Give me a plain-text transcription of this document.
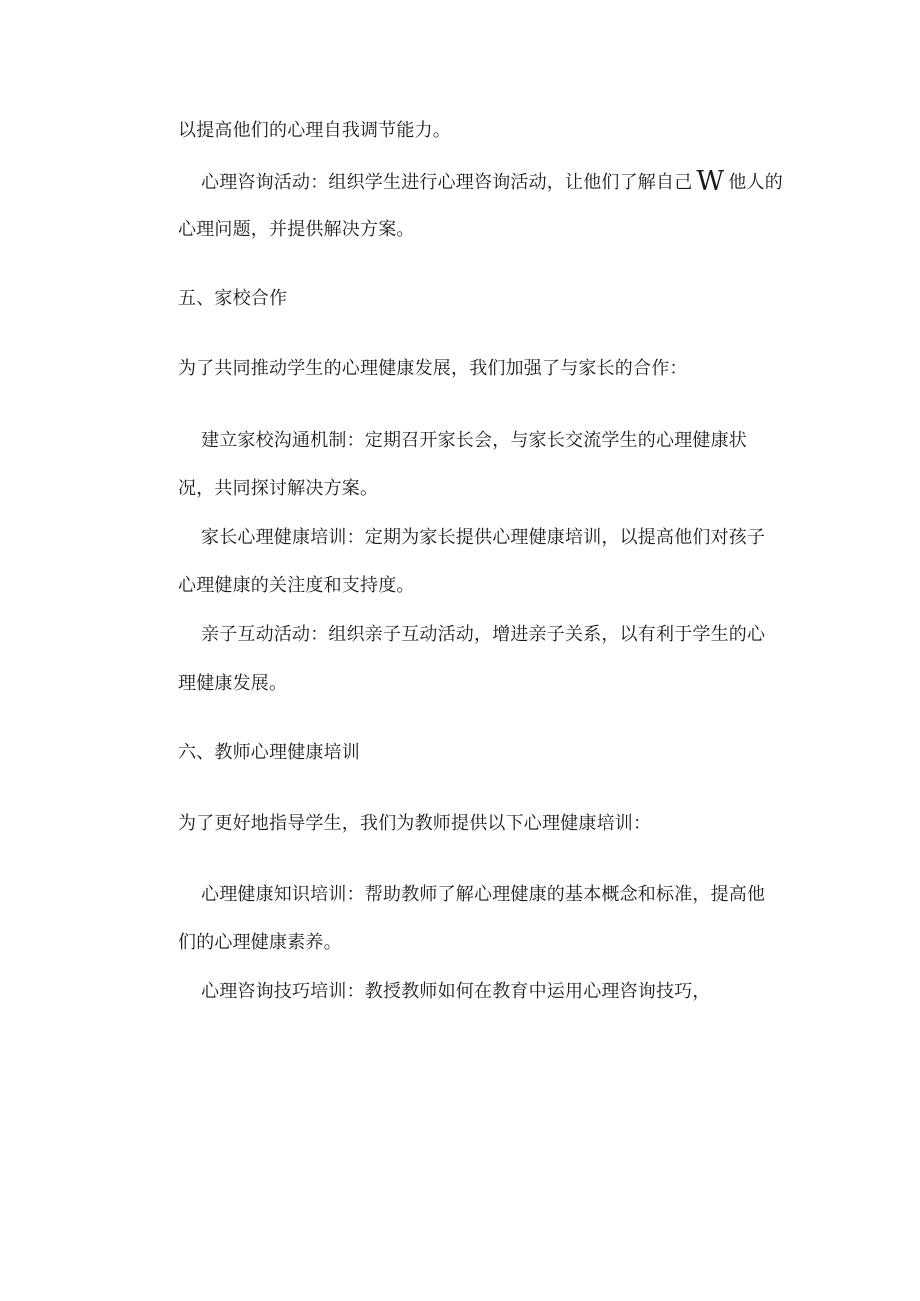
以提高他们的心理自我调节能力。
心理咨询活动：组织学生进行心理咨询活动，让他们了解自己 W 他人的
心理问题，并提供解决方案。
五、家校合作
为了共同推动学生的心理健康发展，我们加强了与家长的合作：
建立家校沟通机制：定期召开家长会，与家长交流学生的心理健康状
况，共同探讨解决方案。
家长心理健康培训：定期为家长提供心理健康培训，以提高他们对孩子
心理健康的关注度和支持度。
亲子互动活动：组织亲子互动活动，增进亲子关系，以有利于学生的心
理健康发展。
六、教师心理健康培训
为了更好地指导学生，我们为教师提供以下心理健康培训：
心理健康知识培训：帮助教师了解心理健康的基本概念和标准，提高他
们的心理健康素养。
心理咨询技巧培训：教授教师如何在教育中运用心理咨询技巧，
